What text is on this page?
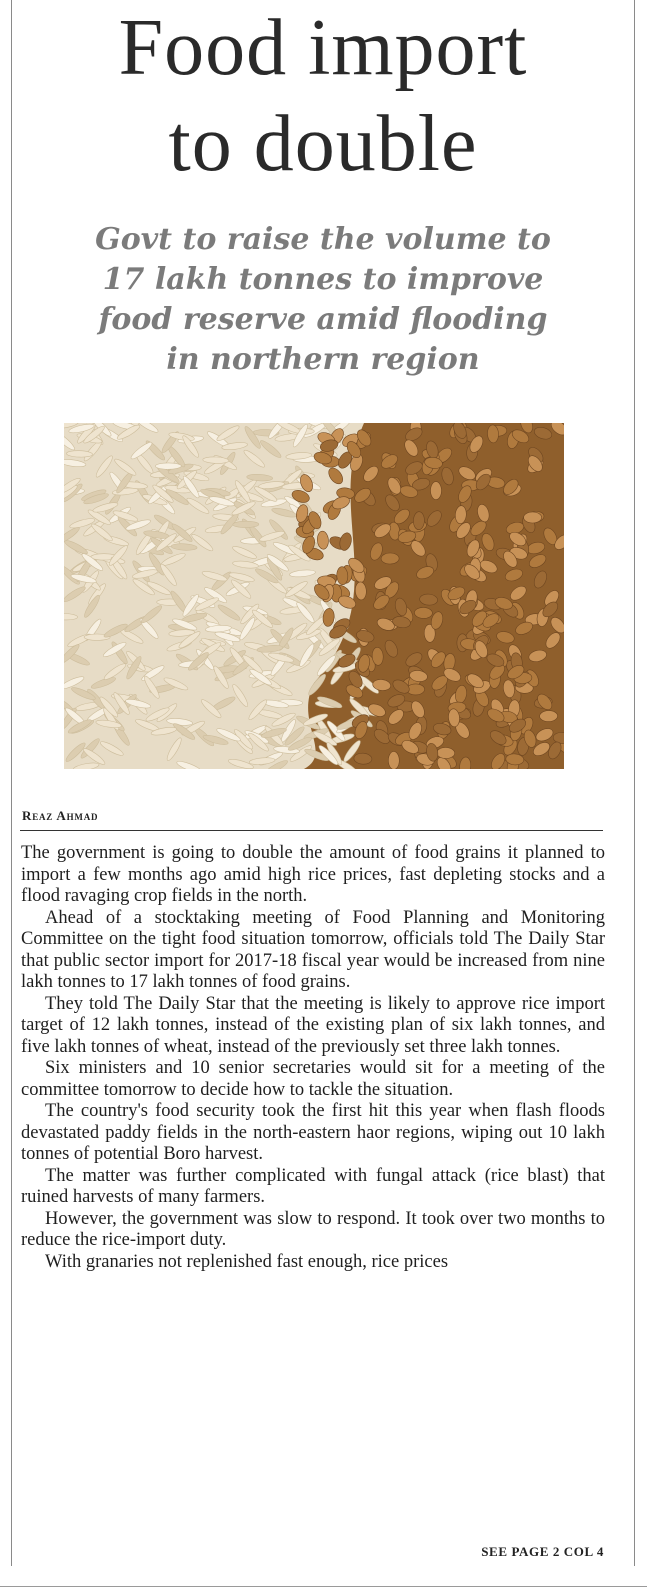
Food import
to double
Govt to raise the volume to
17 lakh tonnes to improve
food reserve amid flooding
in northern region

Reaz Ahmad

The government is going to double the amount of food grains it planned to import a few months ago amid high rice prices, fast depleting stocks and a flood ravaging crop fields in the north.

Ahead of a stocktaking meeting of Food Planning and Monitoring Committee on the tight food situation tomorrow, officials told The Daily Star that public sector import for 2017-18 fiscal year would be increased from nine lakh tonnes to 17 lakh tonnes of food grains.

They told The Daily Star that the meeting is likely to approve rice import target of 12 lakh tonnes, instead of the existing plan of six lakh tonnes, and five lakh tonnes of wheat, instead of the previously set three lakh tonnes.

Six ministers and 10 senior secretaries would sit for a meeting of the committee tomorrow to decide how to tackle the situation.

The country's food security took the first hit this year when flash floods devastated paddy fields in the north-eastern haor regions, wiping out 10 lakh tonnes of potential Boro harvest.

The matter was further complicated with fungal attack (rice blast) that ruined harvests of many farmers.

However, the government was slow to respond. It took over two months to reduce the rice-import duty.

With granaries not replenished fast enough, rice prices

SEE PAGE 2 COL 4
